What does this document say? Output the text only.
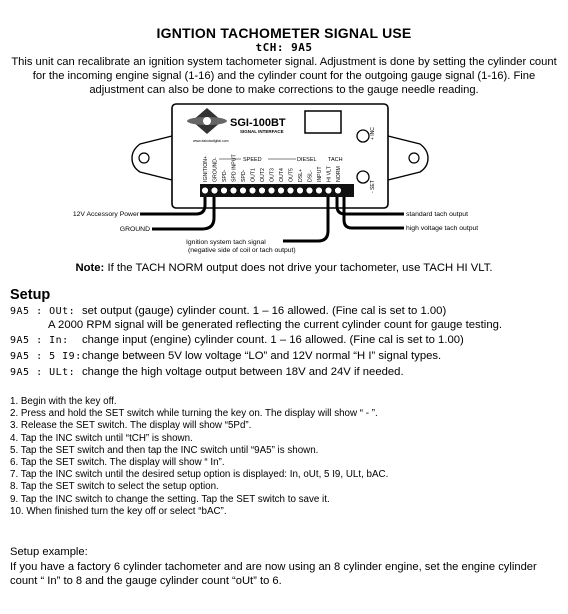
IGNTION TACHOMETER SIGNAL USE
tCH: 9A5
This unit can recalibrate an ignition system tachometer signal. Adjustment is done by setting the cylinder count for the incoming engine signal (1-16) and the cylinder count for the outgoing gauge signal (1-16). Fine adjustment can also be done to make corrections to the gauge needle reading.
www.dakotadigital.com
SGI-100BT
SIGNAL INTERFACE	+ INC
- SET
SPEED	DIESEL TACH
IGNITION+ GROUND- SPD- SPD INPUT SPD- OUT1 OUT2 OUT3 OUT4 OUT5 DSL+ DSL- INPUT HI VLT NORM
12V Accessory Power
GROUND
Ignition system tach signal
(negative side of coil or tach output)
standard tach output
high voltage tach output
Note: If the TACH NORM output does not drive your tachometer, use TACH HI VLT.
Setup
9A5 : OUt: set output (gauge) cylinder count. 1 – 16 allowed. (Fine cal is set to 1.00)
A 2000 RPM signal will be generated reflecting the current cylinder count for gauge testing.
9A5 : In: change input (engine) cylinder count. 1 – 16 allowed. (Fine cal is set to 1.00)
9A5 : 5 I9:change between 5V low voltage “LO” and 12V normal “H I” signal types.
9A5 : ULt: change the high voltage output between 18V and 24V if needed.
1. Begin with the key off.
2. Press and hold the SET switch while turning the key on. The display will show “ - ”.
3. Release the SET switch. The display will show “5Pd”.
4. Tap the INC switch until “tCH” is shown.
5. Tap the SET switch and then tap the INC switch until “9A5” is shown.
6. Tap the SET switch. The display will show “ In”.
7. Tap the INC switch until the desired setup option is displayed: In, oUt, 5 I9, ULt, bAC.
8. Tap the SET switch to select the setup option.
9. Tap the INC switch to change the setting. Tap the SET switch to save it.
10. When finished turn the key off or select “bAC”.
Setup example:
If you have a factory 6 cylinder tachometer and are now using an 8 cylinder engine, set the engine cylinder count “ In” to 8 and the gauge cylinder count “oUt” to 6.
